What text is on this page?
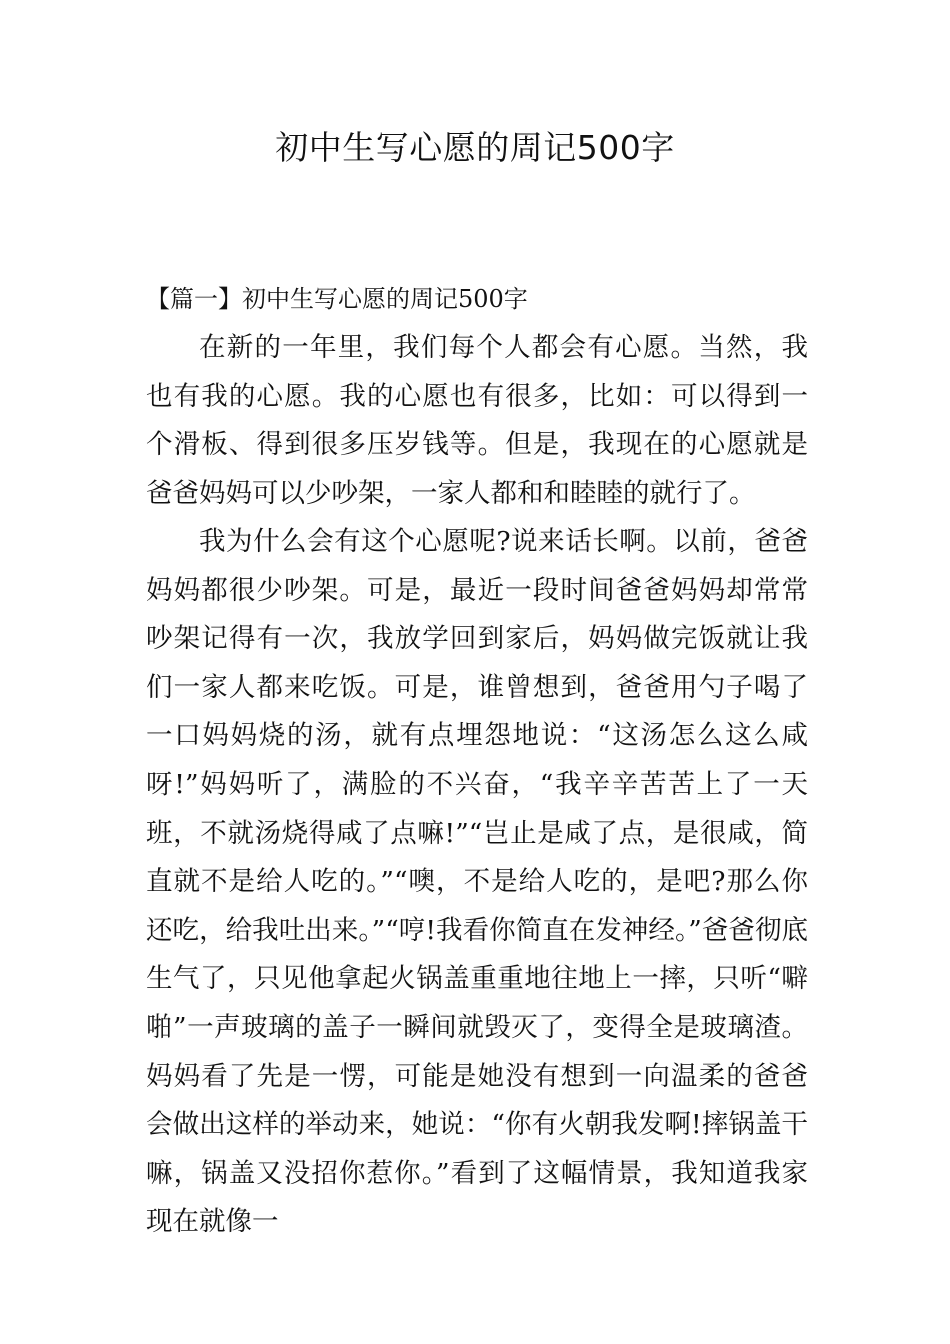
初中生写心愿的周记500字
【篇一】初中生写心愿的周记500字

在新的一年里，我们每个人都会有心愿。当然，我也有我的心愿。我的心愿也有很多，比如：可以得到一个滑板、得到很多压岁钱等。但是，我现在的心愿就是爸爸妈妈可以少吵架，一家人都和和睦睦的就行了。

我为什么会有这个心愿呢?说来话长啊。以前，爸爸妈妈都很少吵架。可是，最近一段时间爸爸妈妈却常常吵架记得有一次，我放学回到家后，妈妈做完饭就让我们一家人都来吃饭。可是，谁曾想到，爸爸用勺子喝了一口妈妈烧的汤，就有点埋怨地说：“这汤怎么这么咸呀!”妈妈听了，满脸的不兴奋，“我辛辛苦苦上了一天班，不就汤烧得咸了点嘛!”“岂止是咸了点，是很咸，简直就不是给人吃的。”“噢，不是给人吃的，是吧?那么你还吃，给我吐出来。”“哼!我看你简直在发神经。”爸爸彻底生气了，只见他拿起火锅盖重重地往地上一摔，只听“噼啪”一声玻璃的盖子一瞬间就毁灭了，变得全是玻璃渣。妈妈看了先是一愣，可能是她没有想到一向温柔的爸爸会做出这样的举动来，她说：“你有火朝我发啊!摔锅盖干嘛，锅盖又没招你惹你。”看到了这幅情景，我知道我家现在就像一
